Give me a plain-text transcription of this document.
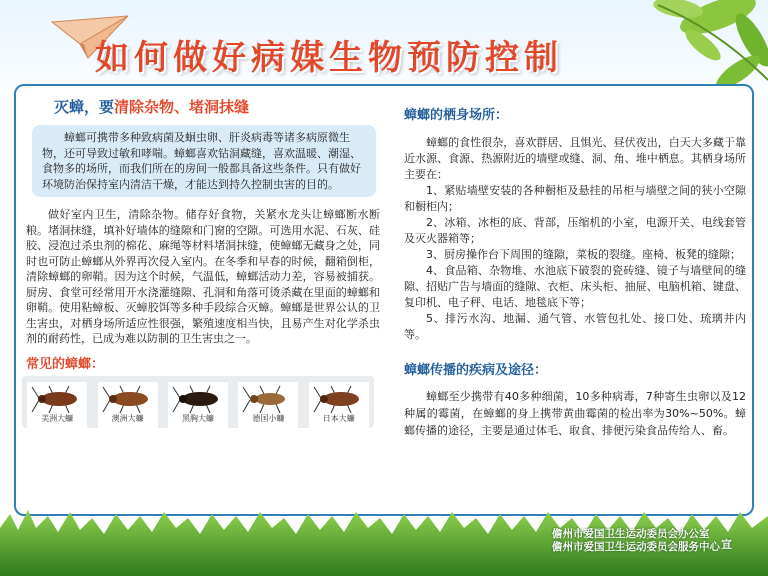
如何做好病媒生物预防控制
灭蟑，要清除杂物、堵洞抹缝
蟑螂可携带多种致病菌及蛔虫卵、肝炎病毒等诸多病原微生物，还可导致过敏和哮喘。蟑螂喜欢钻洞藏缝，喜欢温暖、潮湿、食物多的场所，而我们所在的房间一般都具备这些条件。只有做好环境防治保持室内清洁干燥，才能达到持久控制虫害的目的。
做好室内卫生，清除杂物。储存好食物，关紧水龙头让蟑螂断水断粮。堵洞抹缝，填补好墙体的缝隙和门窗的空隙。可选用水泥、石灰、硅胶、浸泡过杀虫剂的棉花、麻绳等材料堵洞抹缝，使蟑螂无藏身之处，同时也可防止蟑螂从外界再次侵入室内。在冬季和早春的时候，翻箱倒柜，清除蟑螂的卵鞘。因为这个时候，气温低，蟑螂活动力差，容易被捕获。厨房、食堂可经常用开水浇灌缝隙、孔洞和角落可烫杀藏在里面的蟑螂和卵鞘。使用粘蟑板、灭蟑胶饵等多种手段综合灭蟑。蟑螂是世界公认的卫生害虫，对栖身场所适应性很强，繁殖速度相当快，且易产生对化学杀虫剂的耐药性，已成为难以防制的卫生害虫之一。
常见的蟑螂：
美洲大蠊	澳洲大蠊	黑胸大蠊	德国小蠊	日本大蠊
蟑螂的栖身场所：

蟑螂的食性很杂，喜欢群居、且惧光、昼伏夜出，白天大多藏于靠近水源、食源、热源附近的墙壁或缝、洞、角、堆中栖息。其栖身场所主要在：

1、紧贴墙壁安装的各种橱柜及悬挂的吊柜与墙壁之间的狭小空隙和橱柜内；

2、冰箱、冰柜的底、背部，压缩机的小室，电源开关、电线套管及灭火器箱等；

3、厨房操作台下周围的缝隙，菜板的裂缝。座椅、板凳的缝隙；

4、食品箱、杂物堆、水池底下破裂的瓷砖缝、镜子与墙壁间的缝隙、招贴广告与墙面的缝隙、衣柜、床头柜、抽屉、电脑机箱、键盘、复印机、电子秤、电话、地毯底下等；

5、排污水沟、地漏、通气管、水管包扎处、接口处、琉璃井内等。

蟑螂传播的疾病及途径：
蟑螂至少携带有40多种细菌，10多种病毒，7种寄生虫卵以及12种属的霉菌，在蟑螂的身上携带黄曲霉菌的检出率为30%~50%。蟑螂传播的途径，主要是通过体毛、取食、排便污染食品传给人、畜。
儋州市爱国卫生运动委员会办公室
儋州市爱国卫生运动委员会服务中心 宣
